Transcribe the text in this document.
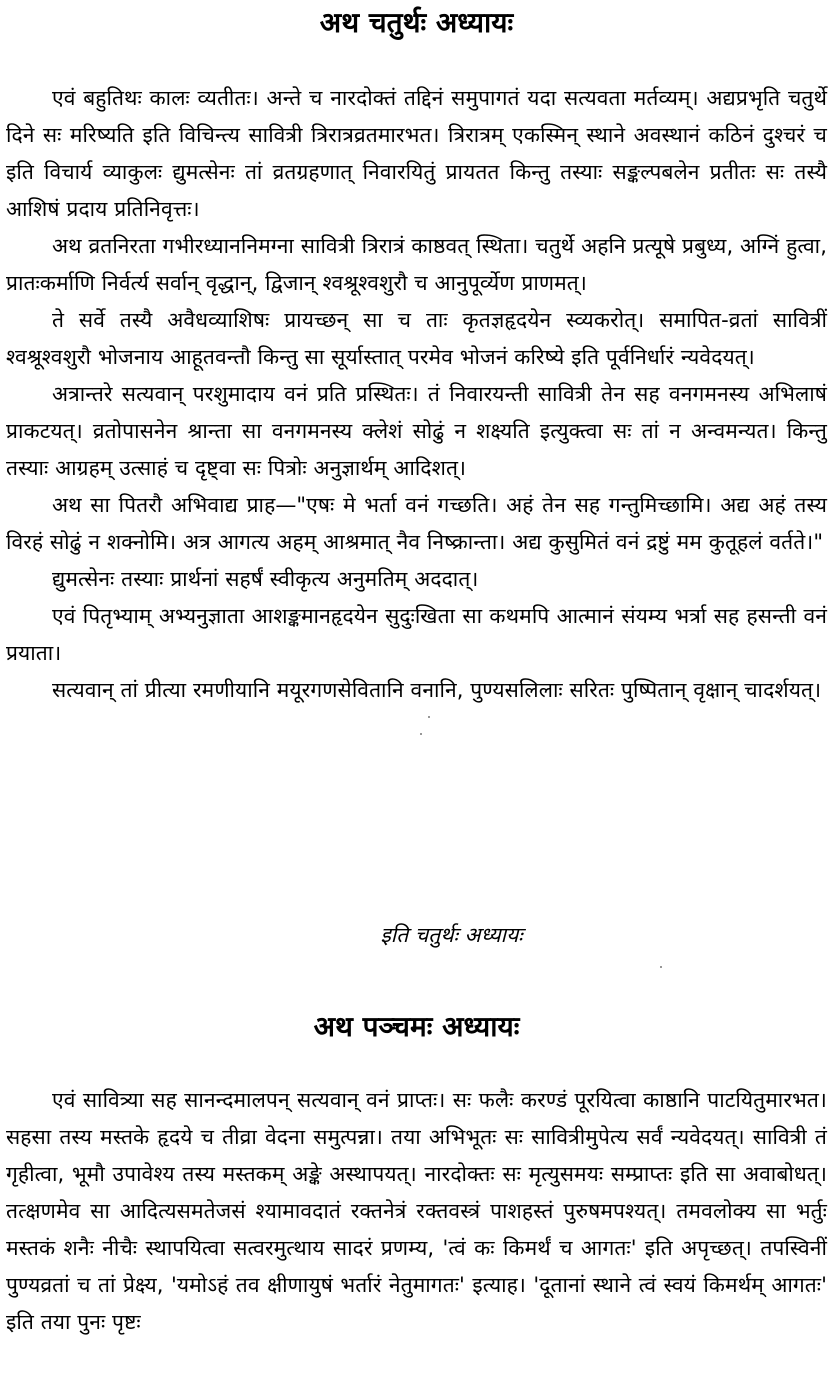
अथ चतुर्थः अध्यायः

एवं बहुतिथः कालः व्यतीतः। अन्ते च नारदोक्तं तद्दिनं समुपागतं यदा सत्यवता मर्तव्यम्। अद्यप्रभृति चतुर्थे दिने सः मरिष्यति इति विचिन्त्य सावित्री त्रिरात्रव्रतमारभत। त्रिरात्रम् एकस्मिन् स्थाने अवस्थानं कठिनं दुश्चरं च इति विचार्य व्याकुलः द्युमत्सेनः तां व्रतग्रहणात् निवारयितुं प्रायतत किन्तु तस्याः सङ्कल्पबलेन प्रतीतः सः तस्यै आशिषं प्रदाय प्रतिनिवृत्तः।

अथ व्रतनिरता गभीरध्याननिमग्ना सावित्री त्रिरात्रं काष्ठवत् स्थिता। चतुर्थे अहनि प्रत्यूषे प्रबुध्य, अग्निं हुत्वा, प्रातःकर्माणि निर्वर्त्य सर्वान् वृद्धान्, द्विजान् श्वश्रूश्वशुरौ च आनुपूर्व्येण प्राणमत्।

ते सर्वे तस्यै अवैधव्याशिषः प्रायच्छन् सा च ताः कृतज्ञहृदयेन स्व्यकरोत्। समापित-व्रतां सावित्रीं श्वश्रूश्वशुरौ भोजनाय आहूतवन्तौ किन्तु सा सूर्यास्तात् परमेव भोजनं करिष्ये इति पूर्वनिर्धारं न्यवेदयत्।

अत्रान्तरे सत्यवान् परशुमादाय वनं प्रति प्रस्थितः। तं निवारयन्ती सावित्री तेन सह वनगमनस्य अभिलाषं प्राकटयत्। व्रतोपासनेन श्रान्ता सा वनगमनस्य क्लेशं सोढुं न शक्ष्यति इत्युक्त्वा सः तां न अन्वमन्यत। किन्तु तस्याः आग्रहम् उत्साहं च दृष्ट्वा सः पित्रोः अनुज्ञार्थम् आदिशत्।

अथ सा पितरौ अभिवाद्य प्राह—"एषः मे भर्ता वनं गच्छति। अहं तेन सह गन्तुमिच्छामि। अद्य अहं तस्य विरहं सोढुं न शक्नोमि। अत्र आगत्य अहम् आश्रमात् नैव निष्क्रान्ता। अद्य कुसुमितं वनं द्रष्टुं मम कुतूहलं वर्तते।"

द्युमत्सेनः तस्याः प्रार्थनां सहर्षं स्वीकृत्य अनुमतिम् अददात्।

एवं पितृभ्याम् अभ्यनुज्ञाता आशङ्कमानहृदयेन सुदुःखिता सा कथमपि आत्मानं संयम्य भर्त्रा सह हसन्ती वनं प्रयाता।

सत्यवान् तां प्रीत्या रमणीयानि मयूरगणसेवितानि वनानि, पुण्यसलिलाः सरितः पुष्पितान् वृक्षान् चादर्शयत्।

इति चतुर्थः अध्यायः
अथ पञ्चमः अध्यायः

एवं सावित्र्या सह सानन्दमालपन् सत्यवान् वनं प्राप्तः। सः फलैः करण्डं पूरयित्वा काष्ठानि पाटयितुमारभत। सहसा तस्य मस्तके हृदये च तीव्रा वेदना समुत्पन्ना। तया अभिभूतः सः सावित्रीमुपेत्य सर्वं न्यवेदयत्। सावित्री तं गृहीत्वा, भूमौ उपावेश्य तस्य मस्तकम् अङ्के अस्थापयत्। नारदोक्तः सः मृत्युसमयः सम्प्राप्तः इति सा अवाबोधत्। तत्क्षणमेव सा आदित्यसमतेजसं श्यामावदातं रक्तनेत्रं रक्तवस्त्रं पाशहस्तं पुरुषमपश्यत्। तमवलोक्य सा भर्तुः मस्तकं शनैः नीचैः स्थापयित्वा सत्वरमुत्थाय सादरं प्रणम्य, 'त्वं कः किमर्थं च आगतः' इति अपृच्छत्। तपस्विनीं पुण्यव्रतां च तां प्रेक्ष्य, 'यमोऽहं तव क्षीणायुषं भर्तारं नेतुमागतः' इत्याह। 'दूतानां स्थाने त्वं स्वयं किमर्थम् आगतः' इति तया पुनः पृष्टः
